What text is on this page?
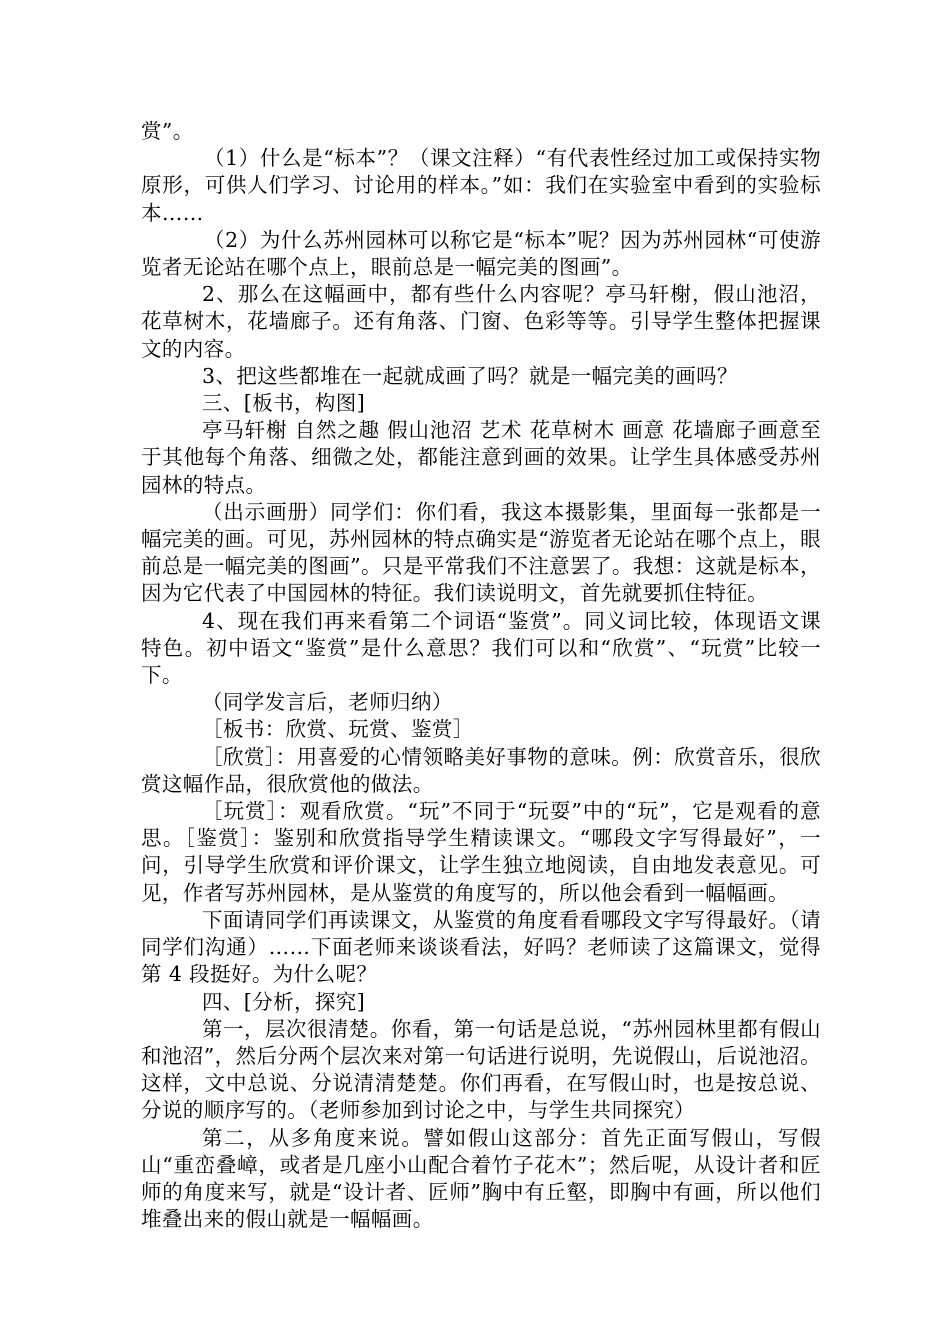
赏”。

（1）什么是“标本”？（课文注释）“有代表性经过加工或保持实物原形，可供人们学习、讨论用的样本。”如：我们在实验室中看到的实验标本……

（2）为什么苏州园林可以称它是“标本”呢？因为苏州园林“可使游览者无论站在哪个点上，眼前总是一幅完美的图画”。

2、那么在这幅画中，都有些什么内容呢？亭马轩榭，假山池沼，花草树木，花墙廊子。还有角落、门窗、色彩等等。引导学生整体把握课文的内容。

3、把这些都堆在一起就成画了吗？就是一幅完美的画吗？

三、[板书，构图]

亭马轩榭 自然之趣 假山池沼 艺术 花草树木 画意 花墙廊子画意至于其他每个角落、细微之处，都能注意到画的效果。让学生具体感受苏州园林的特点。

（出示画册）同学们：你们看，我这本摄影集，里面每一张都是一幅完美的画。可见，苏州园林的特点确实是“游览者无论站在哪个点上，眼前总是一幅完美的图画”。只是平常我们不注意罢了。我想：这就是标本，因为它代表了中国园林的特征。我们读说明文，首先就要抓住特征。

4、现在我们再来看第二个词语“鉴赏”。同义词比较，体现语文课特色。初中语文“鉴赏”是什么意思？我们可以和“欣赏”、“玩赏”比较一下。

（同学发言后，老师归纳）

［板书：欣赏、玩赏、鉴赏］

［欣赏］：用喜爱的心情领略美好事物的意味。例：欣赏音乐，很欣赏这幅作品，很欣赏他的做法。

［玩赏］：观看欣赏。“玩”不同于“玩耍”中的“玩”，它是观看的意思。［鉴赏］：鉴别和欣赏指导学生精读课文。“哪段文字写得最好”，一问，引导学生欣赏和评价课文，让学生独立地阅读，自由地发表意见。可见，作者写苏州园林，是从鉴赏的角度写的，所以他会看到一幅幅画。

下面请同学们再读课文，从鉴赏的角度看看哪段文字写得最好。（请同学们沟通）……下面老师来谈谈看法，好吗？老师读了这篇课文，觉得第 4 段挺好。为什么呢？

四、[分析，探究]

第一，层次很清楚。你看，第一句话是总说，“苏州园林里都有假山和池沼”，然后分两个层次来对第一句话进行说明，先说假山，后说池沼。这样，文中总说、分说清清楚楚。你们再看，在写假山时，也是按总说、分说的顺序写的。（老师参加到讨论之中，与学生共同探究）

第二，从多角度来说。譬如假山这部分：首先正面写假山，写假山“重峦叠嶂，或者是几座小山配合着竹子花木”；然后呢，从设计者和匠师的角度来写，就是“设计者、匠师”胸中有丘壑，即胸中有画，所以他们堆叠出来的假山就是一幅幅画。
